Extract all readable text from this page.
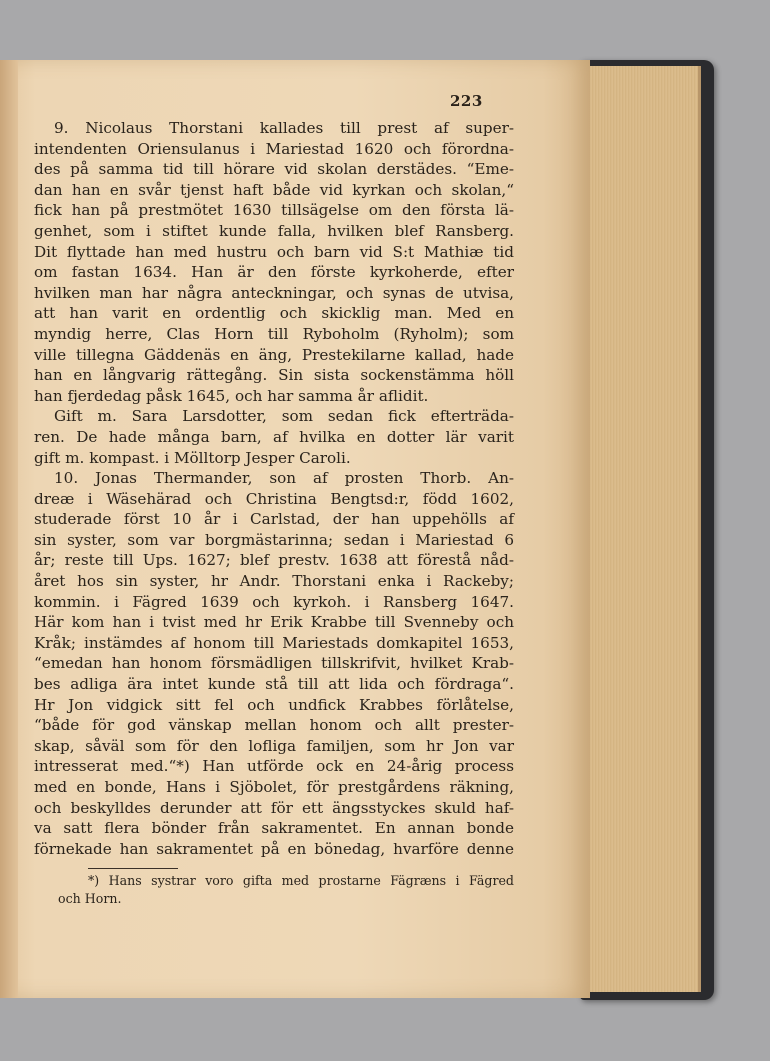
223
9. Nicolaus Thorstani kallades till prest af super-
intendenten Oriensulanus i Mariestad 1620 och förordna-
des på samma tid till hörare vid skolan derstädes. “Eme-
dan han en svår tjenst haft både vid kyrkan och skolan,“
fick han på prestmötet 1630 tillsägelse om den första lä-
genhet, som i stiftet kunde falla, hvilken blef Ransberg.
Dit flyttade han med hustru och barn vid S:t Mathiæ tid
om fastan 1634. Han är den förste kyrkoherde, efter
hvilken man har några anteckningar, och synas de utvisa,
att han varit en ordentlig och skicklig man. Med en
myndig herre, Clas Horn till Ryboholm (Ryholm); som
ville tillegna Gäddenäs en äng, Prestekilarne kallad, hade
han en långvarig rättegång. Sin sista sockenstämma höll
han fjerdedag påsk 1645, och har samma år aflidit.
Gift m. Sara Larsdotter, som sedan fick efterträda-
ren. De hade många barn, af hvilka en dotter lär varit
gift m. kompast. i Mölltorp Jesper Caroli.
10. Jonas Thermander, son af prosten Thorb. An-
dreæ i Wäsehärad och Christina Bengtsd:r, född 1602,
studerade först 10 år i Carlstad, der han uppehölls af
sin syster, som var borgmästarinna; sedan i Mariestad 6
år; reste till Ups. 1627; blef prestv. 1638 att förestå nåd-
året hos sin syster, hr Andr. Thorstani enka i Rackeby;
kommin. i Fägred 1639 och kyrkoh. i Ransberg 1647.
Här kom han i tvist med hr Erik Krabbe till Svenneby och
Kråk; instämdes af honom till Mariestads domkapitel 1653,
“emedan han honom försmädligen tillskrifvit, hvilket Krab-
bes adliga ära intet kunde stå till att lida och fördraga“.
Hr Jon vidgick sitt fel och undfick Krabbes förlåtelse,
“både för god vänskap mellan honom och allt prester-
skap, såväl som för den lofliga familjen, som hr Jon var
intresserat med.“*) Han utförde ock en 24-årig process
med en bonde, Hans i Sjöbolet, för prestgårdens räkning,
och beskylldes derunder att för ett ängsstyckes skuld haf-
va satt flera bönder från sakramentet. En annan bonde
förnekade han sakramentet på en bönedag, hvarföre denne
*) Hans systrar voro gifta med prostarne Fägræns i Fägred
och Horn.
